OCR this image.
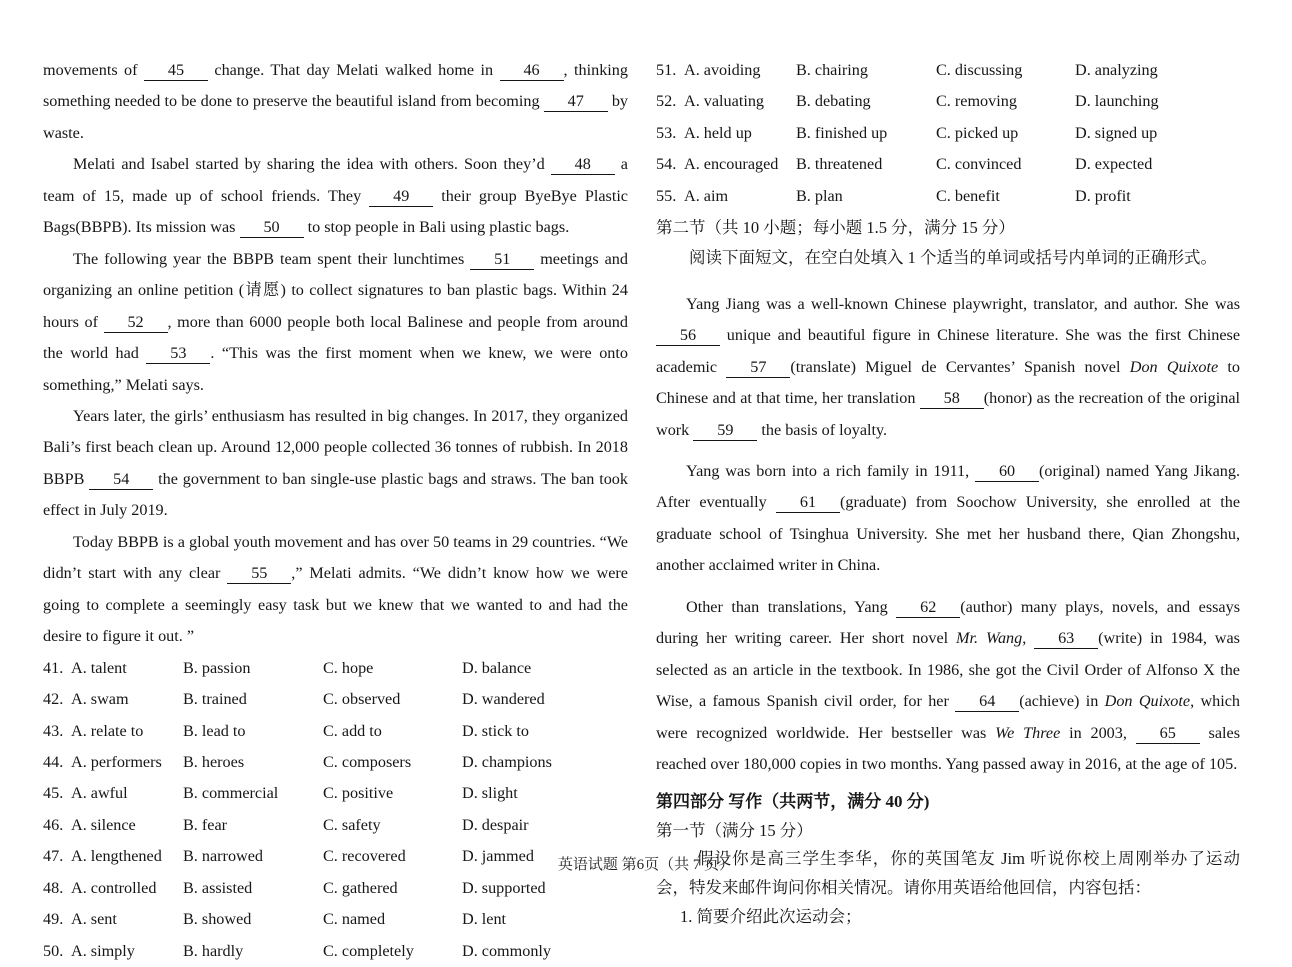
movements of 45 change. That day Melati walked home in 46 , thinking something needed to be done to preserve the beautiful island from becoming 47 by waste.

Melati and Isabel started by sharing the idea with others. Soon they’d 48 a team of 15, made up of school friends. They 49 their group ByeBye Plastic Bags(BBPB). Its mission was 50 to stop people in Bali using plastic bags.

The following year the BBPB team spent their lunchtimes 51 meetings and organizing an online petition (请愿) to collect signatures to ban plastic bags. Within 24 hours of 52 , more than 6000 people both local Balinese and people from around the world had 53 . “This was the first moment when we knew, we were onto something,” Melati says.

Years later, the girls’ enthusiasm has resulted in big changes. In 2017, they organized Bali’s first beach clean up. Around 12,000 people collected 36 tonnes of rubbish. In 2018 BBPB 54 the government to ban single-use plastic bags and straws. The ban took effect in July 2019.

Today BBPB is a global youth movement and has over 50 teams in 29 countries. “We didn’t start with any clear 55 ,” Melati admits. “We didn’t know how we were going to complete a seemingly easy task but we knew that we wanted to and had the desire to figure it out. ”

41. A. talent	B. passion	C. hope	D. balance
42. A. swam	B. trained	C. observed	D. wandered
43. A. relate to	B. lead to	C. add to	D. stick to
44. A. performers	B. heroes	C. composers	D. champions
45. A. awful	B. commercial	C. positive	D. slight
46. A. silence	B. fear	C. safety	D. despair
47. A. lengthened	B. narrowed	C. recovered	D. jammed
48. A. controlled	B. assisted	C. gathered	D. supported
49. A. sent	B. showed	C. named	D. lent
50. A. simply	B. hardly	C. completely	D. commonly
51. A. avoiding	B. chairing	C. discussing	D. analyzing
52. A. valuating	B. debating	C. removing	D. launching
53. A. held up	B. finished up	C. picked up	D. signed up
54. A. encouraged	B. threatened	C. convinced	D. expected
55. A. aim	B. plan	C. benefit	D. profit
第二节（共 10 小题；每小题 1.5 分，满分 15 分）
阅读下面短文，在空白处填入 1 个适当的单词或括号内单词的正确形式。

Yang Jiang was a well-known Chinese playwright, translator, and author. She was 56 unique and beautiful figure in Chinese literature. She was the first Chinese academic 57 (translate) Miguel de Cervantes’ Spanish novel Don Quixote to Chinese and at that time, her translation 58 (honor) as the recreation of the original work 59 the basis of loyalty.

Yang was born into a rich family in 1911, 60 (original) named Yang Jikang. After eventually 61 (graduate) from Soochow University, she enrolled at the graduate school of Tsinghua University. She met her husband there, Qian Zhongshu, another acclaimed writer in China.

Other than translations, Yang 62 (author) many plays, novels, and essays during her writing career. Her short novel Mr. Wang, 63 (write) in 1984, was selected as an article in the textbook. In 1986, she got the Civil Order of Alfonso X the Wise, a famous Spanish civil order, for her 64 (achieve) in Don Quixote, which were recognized worldwide. Her bestseller was We Three in 2003, 65 sales reached over 180,000 copies in two months. Yang passed away in 2016, at the age of 105.

第四部分 写作（共两节，满分 40 分)
第一节（满分 15 分）
假设你是高三学生李华，你的英国笔友 Jim 听说你校上周刚举办了运动会，特发来邮件询问你相关情况。请你用英语给他回信，内容包括：
1. 简要介绍此次运动会；
英语试题 第6页（共 7 页）
